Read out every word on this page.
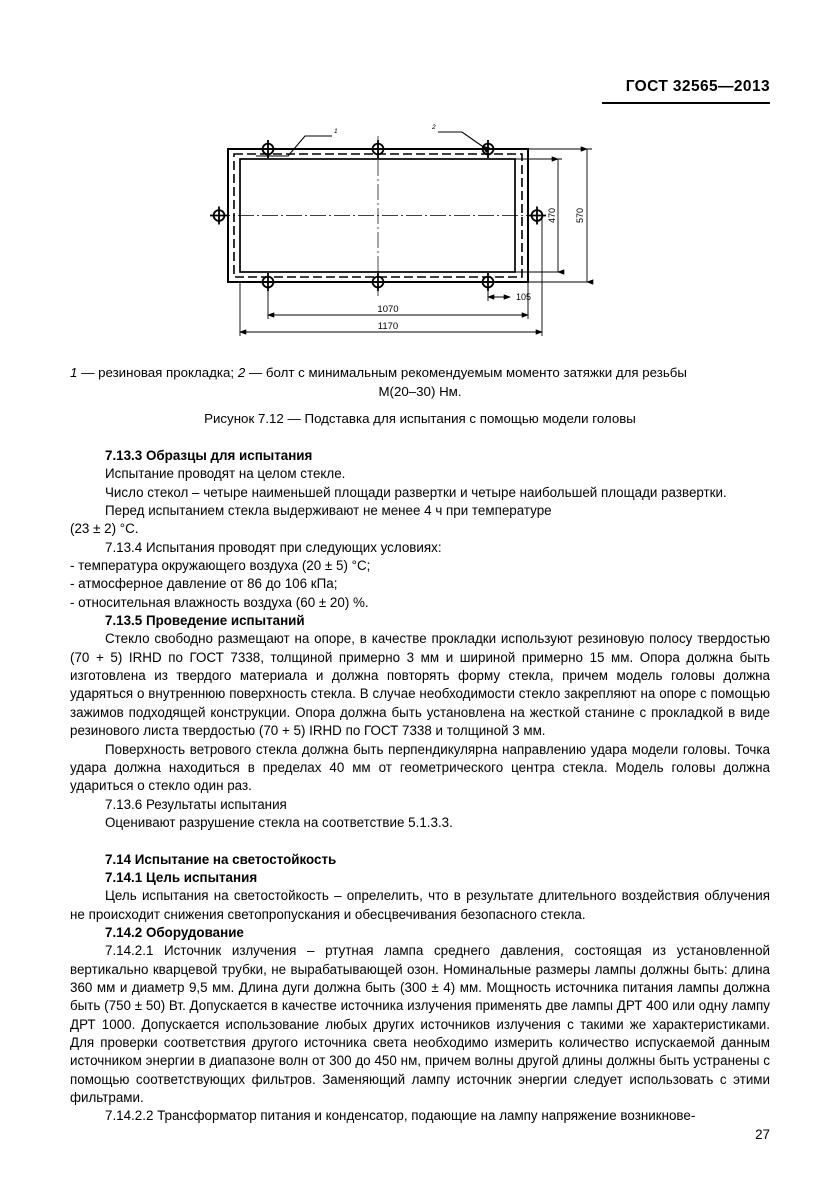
ГОСТ 32565—2013
1
2
470 570
105
1070
1170
1 — резиновая прокладка; 2 — болт с минимальным рекомендуемым моменто затяжки для резьбы
М(20–30) Нм.
Рисунок 7.12 — Подставка для испытания с помощью модели головы

7.13.3 Образцы для испытания

Испытание проводят на целом стекле.

Число стекол – четыре наименьшей площади развертки и четыре наибольшей площади развертки.

Перед испытанием стекла выдерживают не менее 4 ч при температуре

(23 ± 2) °С.

7.13.4 Испытания проводят при следующих условиях:

- температура окружающего воздуха (20 ± 5) °С;

- атмосферное давление от 86 до 106 кПа;

- относительная влажность воздуха (60 ± 20) %.

7.13.5 Проведение испытаний

Стекло свободно размещают на опоре, в качестве прокладки используют резиновую полосу твердостью (70 + 5) IRHD по ГОСТ 7338, толщиной примерно 3 мм и шириной примерно 15 мм. Опора должна быть изготовлена из твердого материала и должна повторять форму стекла, причем модель головы должна ударяться о внутреннюю поверхность стекла. В случае необходимости стекло закрепляют на опоре с помощью зажимов подходящей конструкции. Опора должна быть установлена на жесткой станине с прокладкой в виде резинового листа твердостью (70 + 5) IRHD по ГОСТ 7338 и толщиной 3 мм.

Поверхность ветрового стекла должна быть перпендикулярна направлению удара модели головы. Точка удара должна находиться в пределах 40 мм от геометрического центра стекла. Модель головы должна удариться о стекло один раз.

7.13.6 Результаты испытания

Оценивают разрушение стекла на соответствие 5.1.3.3.

7.14 Испытание на светостойкость

7.14.1 Цель испытания

Цель испытания на светостойкость – опрелелить, что в результате длительного воздействия облучения не происходит снижения светопропускания и обесцвечивания безопасного стекла.

7.14.2 Оборудование

7.14.2.1 Источник излучения – ртутная лампа среднего давления, состоящая из установленной вертикально кварцевой трубки, не вырабатывающей озон. Номинальные размеры лампы должны быть: длина 360 мм и диаметр 9,5 мм. Длина дуги должна быть (300 ± 4) мм. Мощность источника питания лампы должна быть (750 ± 50) Вт. Допускается в качестве источника излучения применять две лампы ДРТ 400 или одну лампу ДРТ 1000. Допускается использование любых других источников излучения с такими же характеристиками. Для проверки соответствия другого источника света необходимо измерить количество испускаемой данным источником энергии в диапазоне волн от 300 до 450 нм, причем волны другой длины должны быть устранены с помощью соответствующих фильтров. Заменяющий лампу источник энергии следует использовать с этими фильтрами.

7.14.2.2 Трансформатор питания и конденсатор, подающие на лампу напряжение возникнове-

27
